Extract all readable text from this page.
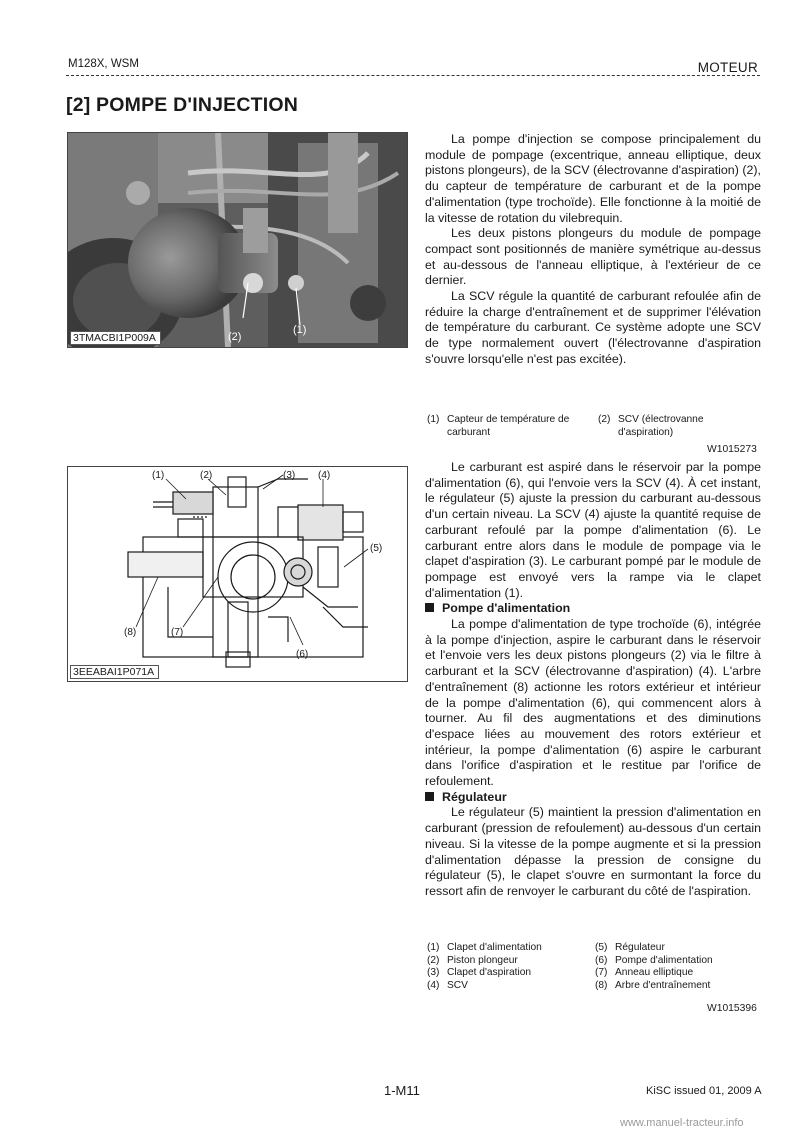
M128X, WSM	MOTEUR
[2] POMPE D'INJECTION
(2)
(1)
3TMACBI1P009A
(1)	(2)	(3) (4)
(5)
(6)
(7)
(8)
3EEABAI1P071A

La pompe d'injection se compose principalement du module de pompage (excentrique, anneau elliptique, deux pistons plongeurs), de la SCV (électrovanne d'aspiration) (2), du capteur de température de carburant et de la pompe d'alimentation (type trochoïde). Elle fonctionne à la moitié de la vitesse de rotation du vilebrequin.

Les deux pistons plongeurs du module de pompage compact sont positionnés de manière symétrique au-dessus et au-dessous de l'anneau elliptique, à l'extérieur de ce dernier.

La SCV régule la quantité de carburant refoulée afin de réduire la charge d'entraînement et de supprimer l'élévation de température du carburant. Ce système adopte une SCV de type normalement ouvert (l'électrovanne d'aspiration s'ouvre lorsqu'elle n'est pas excitée).

(1)	Capteur de température de carburant	(2)	SCV (électrovanne d'aspiration)
W1015273

Le carburant est aspiré dans le réservoir par la pompe d'alimentation (6), qui l'envoie vers la SCV (4). À cet instant, le régulateur (5) ajuste la pression du carburant au-dessous d'un certain niveau. La SCV (4) ajuste la quantité requise de carburant refoulé par la pompe d'alimentation (6). Le carburant entre alors dans le module de pompage via le clapet d'aspiration (3). Le carburant pompé par le module de pompage est envoyé vers la rampe via le clapet d'alimentation (1).

Pompe d'alimentation

La pompe d'alimentation de type trochoïde (6), intégrée à la pompe d'injection, aspire le carburant dans le réservoir et l'envoie vers les deux pistons plongeurs (2) via le filtre à carburant et la SCV (électrovanne d'aspiration) (4). L'arbre d'entraînement (8) actionne les rotors extérieur et intérieur de la pompe d'alimentation (6), qui commencent alors à tourner. Au fil des augmentations et des diminutions d'espace liées au mouvement des rotors extérieur et intérieur, la pompe d'alimentation (6) aspire le carburant dans l'orifice d'aspiration et le restitue par l'orifice de refoulement.

Régulateur

Le régulateur (5) maintient la pression d'alimentation en carburant (pression de refoulement) au-dessous d'un certain niveau. Si la vitesse de la pompe augmente et si la pression d'alimentation dépasse la pression de consigne du régulateur (5), le clapet s'ouvre en surmontant la force du ressort afin de renvoyer le carburant du côté de l'aspiration.

(1)	Clapet d'alimentation	(5)	Régulateur
(2)	Piston plongeur	(6)	Pompe d'alimentation
(3)	Clapet d'aspiration	(7)	Anneau elliptique
(4)	SCV	(8)	Arbre d'entraînement
W1015396
1-M11	KiSC issued 01, 2009 A
www.manuel-tracteur.info
